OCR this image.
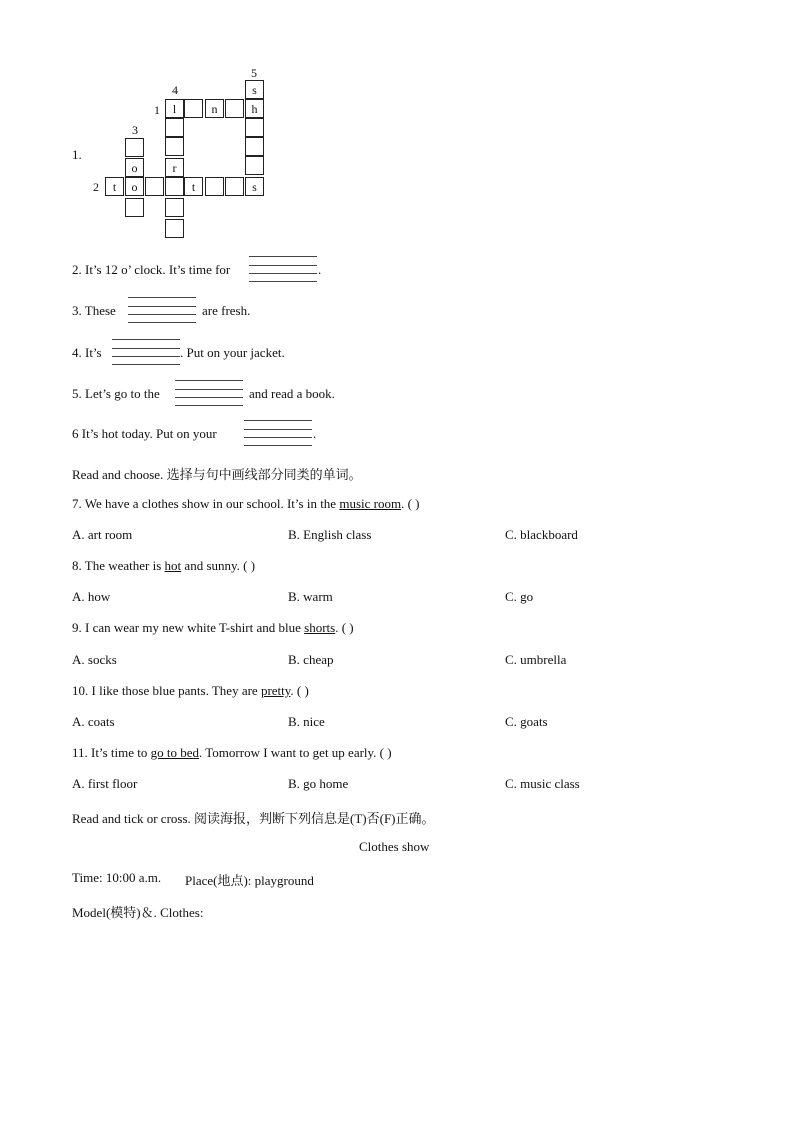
1.
5
4
1
3
2
s
h
s
l	n
r
o
o
t	t
2. It’s 12 o’ clock. It’s time for	.
3. These	are fresh.
4. It’s	. Put on your jacket.
5. Let’s go to the	and read a book.
6 It’s hot today. Put on your	.
Read and choose. 选择与句中画线部分同类的单词。
7. We have a clothes show in our school. It’s in the music room. ( )
A. art room	B. English class	C. blackboard
8. The weather is hot and sunny. ( )
A. how	B. warm	C. go
9. I can wear my new white T-shirt and blue shorts. ( )
A. socks	B. cheap	C. umbrella
10. I like those blue pants. They are pretty. ( )
A. coats	B. nice	C. goats
11. It’s time to go to bed. Tomorrow I want to get up early. ( )
A. first floor	B. go home	C. music class
Read and tick or cross. 阅读海报，判断下列信息是(T)否(F)正确。
Clothes show
Time: 10:00 a.m. Place(地点): playground
Model(模特)＆. Clothes:
